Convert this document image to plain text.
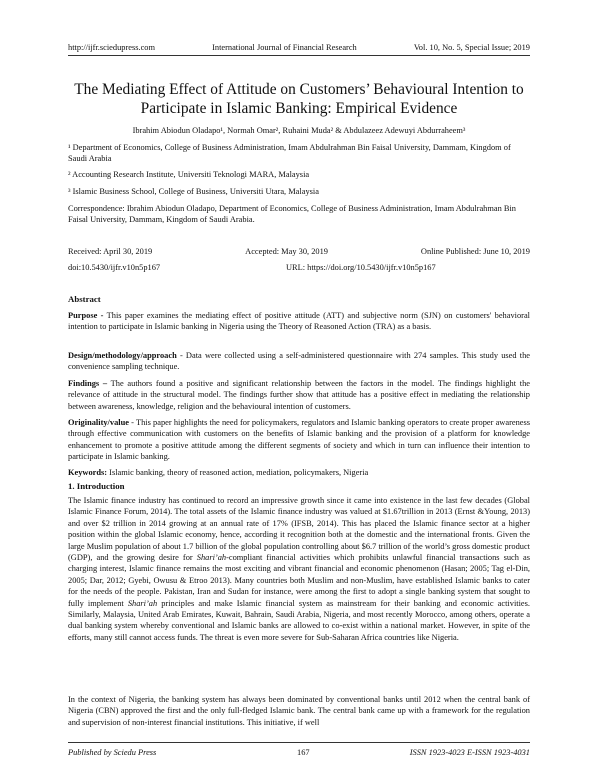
http://ijfr.sciedupress.com	International Journal of Financial Research	Vol. 10, No. 5, Special Issue; 2019
The Mediating Effect of Attitude on Customers’ Behavioural Intention to Participate in Islamic Banking: Empirical Evidence
Ibrahim Abiodun Oladapo¹, Normah Omar², Ruhaini Muda² & Abdulazeez Adewuyi Abdurraheem³
¹ Department of Economics, College of Business Administration, Imam Abdulrahman Bin Faisal University, Dammam, Kingdom of Saudi Arabia
² Accounting Research Institute, Universiti Teknologi MARA, Malaysia
³ Islamic Business School, College of Business, Universiti Utara, Malaysia
Correspondence: Ibrahim Abiodun Oladapo, Department of Economics, College of Business Administration, Imam Abdulrahman Bin Faisal University, Dammam, Kingdom of Saudi Arabia.
Received: April 30, 2019	Accepted: May 30, 2019	Online Published: June 10, 2019
doi:10.5430/ijfr.v10n5p167	URL: https://doi.org/10.5430/ijfr.v10n5p167
Abstract

Purpose - This paper examines the mediating effect of positive attitude (ATT) and subjective norm (SJN) on customers' behavioral intention to participate in Islamic banking in Nigeria using the Theory of Reasoned Action (TRA) as a basis.

Design/methodology/approach - Data were collected using a self-administered questionnaire with 274 samples. This study used the convenience sampling technique.

Findings – The authors found a positive and significant relationship between the factors in the model. The findings highlight the relevance of attitude in the structural model. The findings further show that attitude has a positive effect in mediating the relationship between awareness, knowledge, religion and the behavioural intention of customers.

Originality/value - This paper highlights the need for policymakers, regulators and Islamic banking operators to create proper awareness through effective communication with customers on the benefits of Islamic banking and the provision of a platform for knowledge enhancement to promote a positive attitude among the different segments of society and which in turn can influence their intention to participate in Islamic banking.

Keywords: Islamic banking, theory of reasoned action, mediation, policymakers, Nigeria

1. Introduction

The Islamic finance industry has continued to record an impressive growth since it came into existence in the last few decades (Global Islamic Finance Forum, 2014). The total assets of the Islamic finance industry was valued at $1.67trillion in 2013 (Ernst &Young, 2013) and over $2 trillion in 2014 growing at an annual rate of 17% (IFSB, 2014). This has placed the Islamic finance sector at a higher position within the global Islamic economy, hence, according it recognition both at the domestic and the international fronts. Given the large Muslim population of about 1.7 billion of the global population controlling about $6.7 trillion of the world’s gross domestic product (GDP), and the growing desire for Shari’ah-compliant financial activities which prohibits unlawful financial transactions such as charging interest, Islamic finance remains the most exciting and vibrant financial and economic phenomenon (Hasan; 2005; Tag el-Din, 2005; Dar, 2012; Gyebi, Owusu & Etroo 2013). Many countries both Muslim and non-Muslim, have established Islamic banks to cater for the needs of the people. Pakistan, Iran and Sudan for instance, were among the first to adopt a single banking system that sought to fully implement Shari’ah principles and make Islamic financial system as mainstream for their banking and economic activities. Similarly, Malaysia, United Arab Emirates, Kuwait, Bahrain, Saudi Arabia, Nigeria, and most recently Morocco, among others, operate a dual banking system whereby conventional and Islamic banks are allowed to co-exist within a national market. However, in spite of the efforts, many still cannot access funds. The threat is even more severe for Sub-Saharan Africa countries like Nigeria.

In the context of Nigeria, the banking system has always been dominated by conventional banks until 2012 when the central bank of Nigeria (CBN) approved the first and the only full-fledged Islamic bank. The central bank came up with a framework for the regulation and supervision of non-interest financial institutions. This initiative, if well

Published by Sciedu Press	167	ISSN 1923-4023 E-ISSN 1923-4031
